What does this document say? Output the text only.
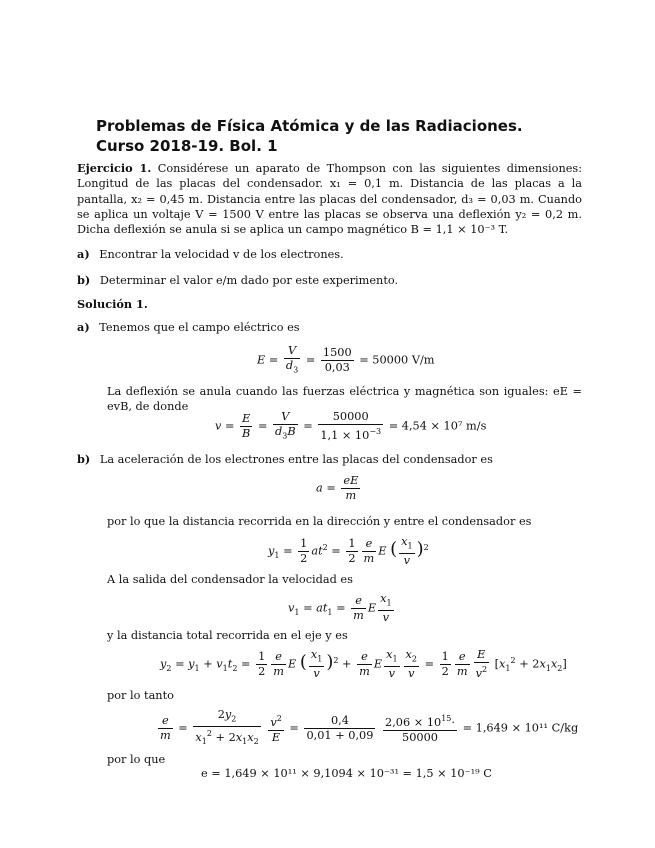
Problemas de Física Atómica y de las Radiaciones. Curso 2018-19. Bol. 1
Ejercicio 1. Considérese un aparato de Thompson con las siguientes dimensiones: Longitud de las placas del condensador. x₁ = 0,1 m. Distancia de las placas a la pantalla, x₂ = 0,45 m. Distancia entre las placas del condensador, d₃ = 0,03 m. Cuando se aplica un voltaje V = 1500 V entre las placas se observa una deflexión y₂ = 0,2 m. Dicha deflexión se anula si se aplica un campo magnético B = 1,1 × 10⁻³ T.
a) Encontrar la velocidad v de los electrones.
b) Determinar el valor e/m dado por este experimento.
Solución 1.
a) Tenemos que el campo eléctrico es
$E = \frac{V}{d_3} = \frac{1500}{0,03} = 50000$ V/m
La deflexión se anula cuando las fuerzas eléctrica y magnética son iguales: eE = evB, de donde
$v = \frac{E}{B} = \frac{V}{d_3B} = \frac{50000}{1,1 \times 10^{-3}} = 4,54 \times 10^7$ m/s
b) La aceleración de los electrones entre las placas del condensador es
$a = \frac{eE}{m}$
por lo que la distancia recorrida en la dirección y entre el condensador es
$y_1 = \frac{1}{2} at^2 = \frac{1}{2} \frac{e}{m}$ E ( $\frac{x_1}{v} )^2$
A la salida del condensador la velocidad es
$v_1 = at_1 = \frac{e}{m}$ E $\frac{x_1}{v}$
y la distancia total recorrida en el eje y es
$y_2 = y_1 + v_1t_2 = \frac{1}{2} \frac{e}{m}$ E ( $\frac{x_1}{v} )^2 + \frac{e}{m}$ E $\frac{x_1}{v} \frac{x_2}{v} = \frac{1}{2} \frac{e}{m} \frac{E}{v^2} [x_1^2 + 2x_1x_2]$
por lo tanto
$\frac{e}{m} = \frac{2y_2}{x_1^2 + 2x_1x_2}$
$\frac{v^2}{E} = \frac{0,4}{0,01 + 0,09}$
$\frac{2,06 \times 10^{15}\cdot}{50000} = 1,649 \times 10^{11}$ C/kg
por lo que
e = 1,649 × 10¹¹ × 9,1094 × 10⁻³¹ = 1,5 × 10⁻¹⁹ C
